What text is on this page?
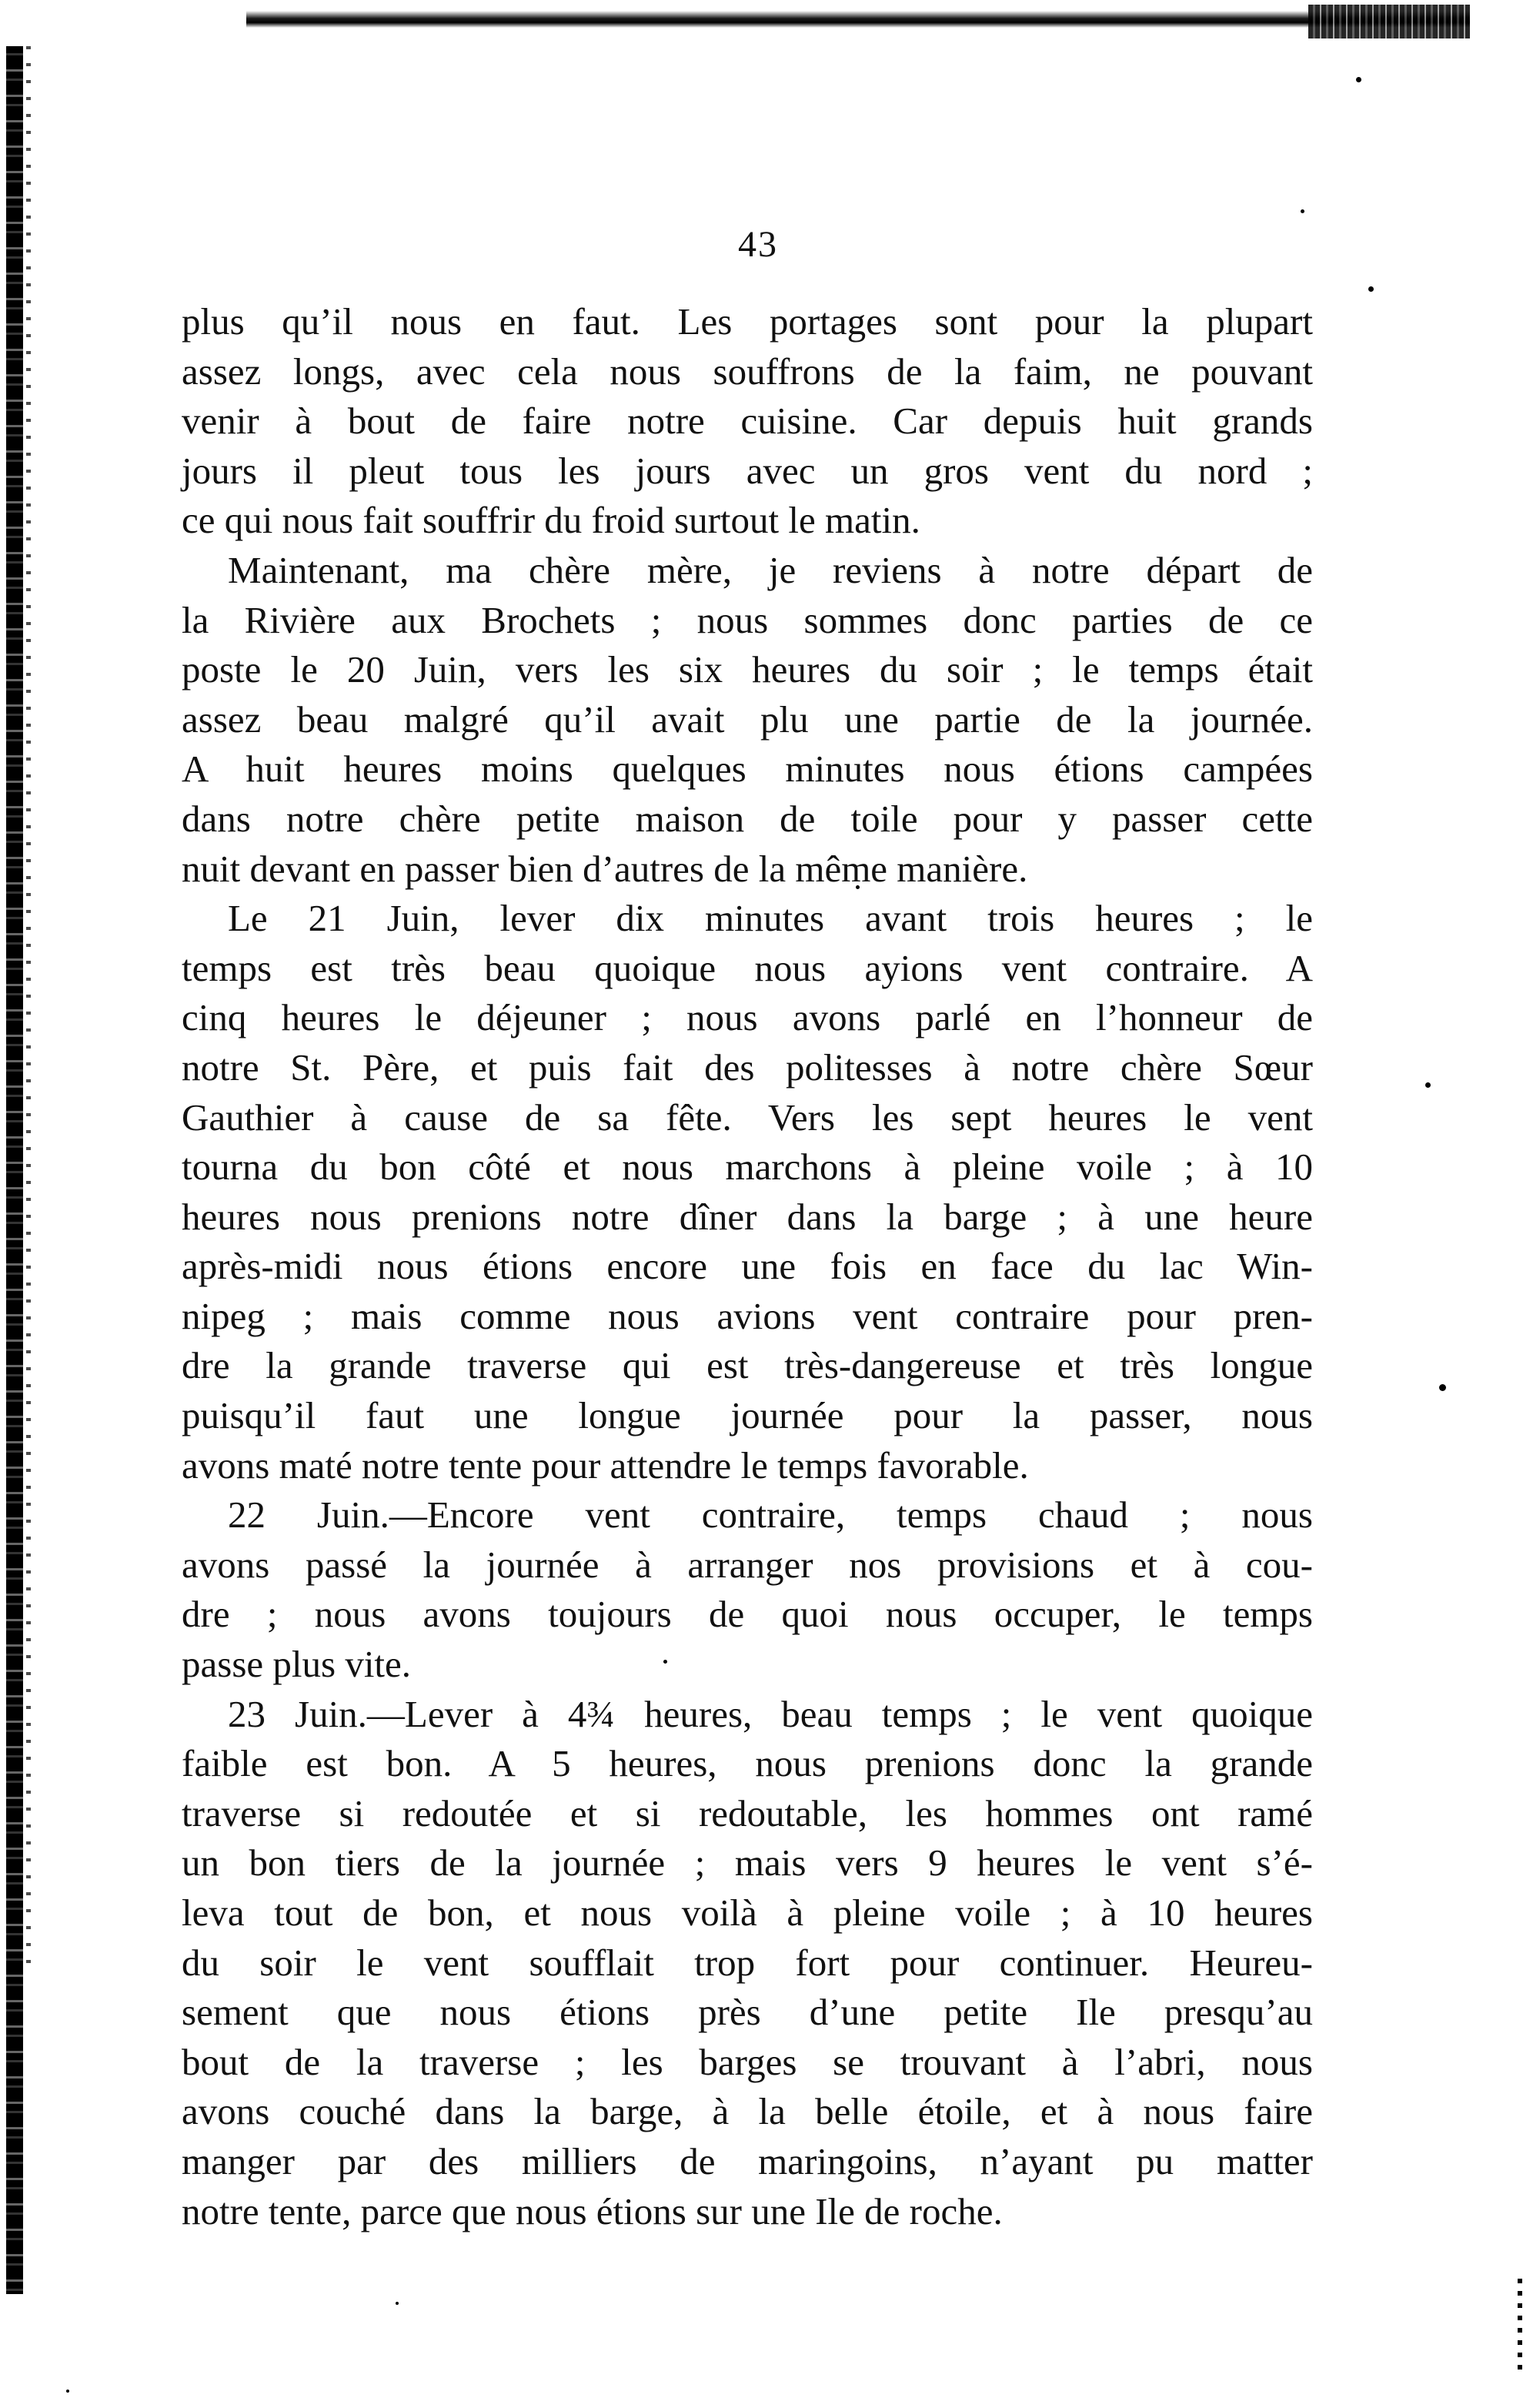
43
plus qu’il nous en faut. Les portages sont pour la plupart
assez longs, avec cela nous souffrons de la faim, ne pouvant
venir à bout de faire notre cuisine. Car depuis huit grands
jours il pleut tous les jours avec un gros vent du nord ;
ce qui nous fait souffrir du froid surtout le matin.
Maintenant, ma chère mère, je reviens à notre départ de
la Rivière aux Brochets ; nous sommes donc parties de ce
poste le 20 Juin, vers les six heures du soir ; le temps était
assez beau malgré qu’il avait plu une partie de la journée.
A huit heures moins quelques minutes nous étions campées
dans notre chère petite maison de toile pour y passer cette
nuit devant en passer bien d’autres de la même manière.
Le 21 Juin, lever dix minutes avant trois heures ; le
temps est très beau quoique nous ayions vent contraire. A
cinq heures le déjeuner ; nous avons parlé en l’honneur de
notre St. Père, et puis fait des politesses à notre chère Sœur
Gauthier à cause de sa fête. Vers les sept heures le vent
tourna du bon côté et nous marchons à pleine voile ; à 10
heures nous prenions notre dîner dans la barge ; à une heure
après-midi nous étions encore une fois en face du lac Win-
nipeg ; mais comme nous avions vent contraire pour pren-
dre la grande traverse qui est très-dangereuse et très longue
puisqu’il faut une longue journée pour la passer, nous
avons maté notre tente pour attendre le temps favorable.
22 Juin.—Encore vent contraire, temps chaud ; nous
avons passé la journée à arranger nos provisions et à cou-
dre ; nous avons toujours de quoi nous occuper, le temps
passe plus vite.
23 Juin.—Lever à 4¾ heures, beau temps ; le vent quoique
faible est bon. A 5 heures, nous prenions donc la grande
traverse si redoutée et si redoutable, les hommes ont ramé
un bon tiers de la journée ; mais vers 9 heures le vent s’é-
leva tout de bon, et nous voilà à pleine voile ; à 10 heures
du soir le vent soufflait trop fort pour continuer. Heureu-
sement que nous étions près d’une petite Ile presqu’au
bout de la traverse ; les barges se trouvant à l’abri, nous
avons couché dans la barge, à la belle étoile, et à nous faire
manger par des milliers de maringoins, n’ayant pu matter
notre tente, parce que nous étions sur une Ile de roche.
